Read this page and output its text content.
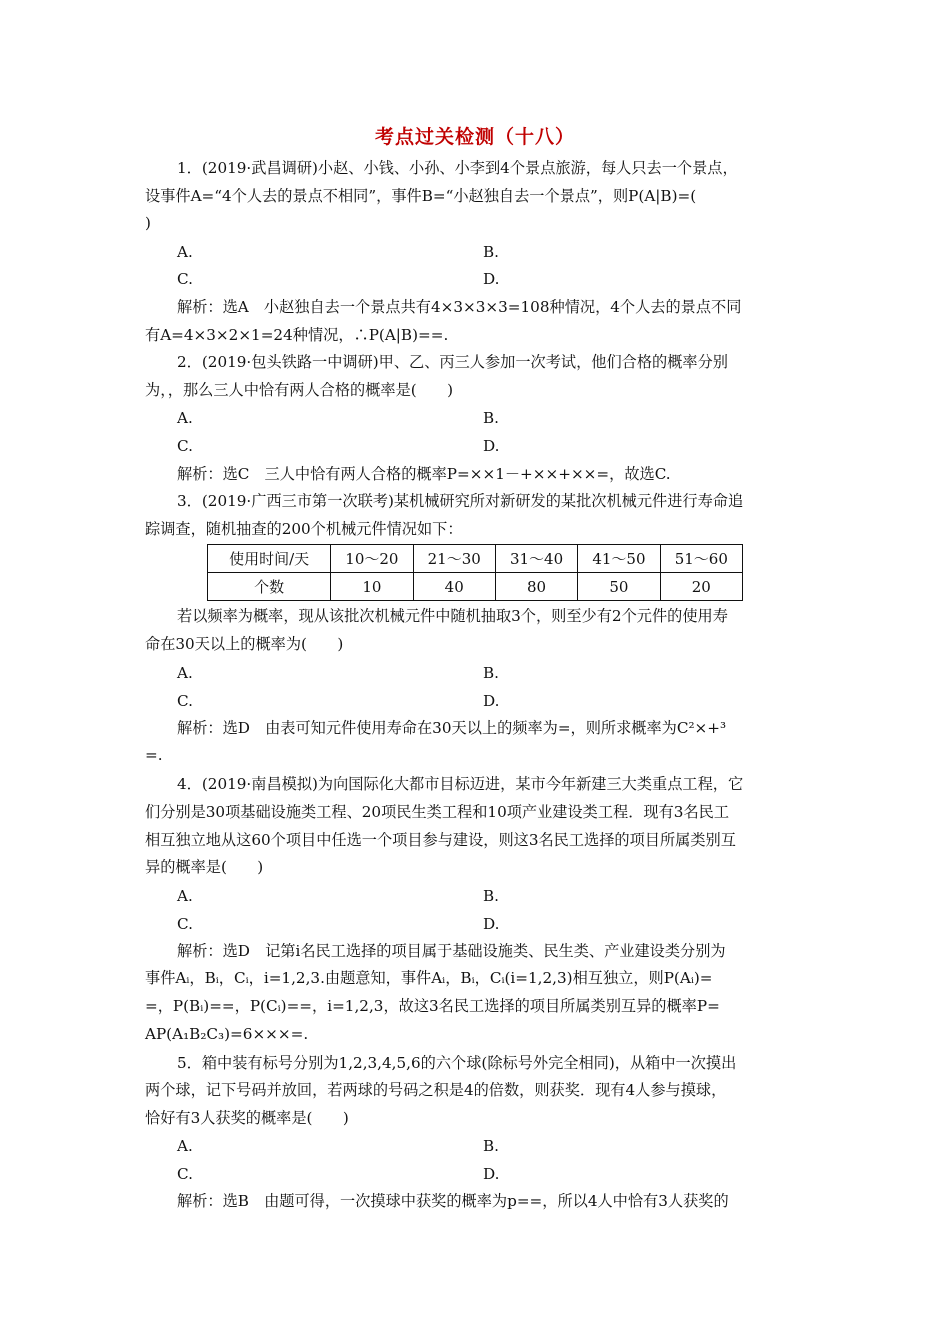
考点过关检测（十八）
1．(2019·武昌调研)小赵、小钱、小孙、小李到4个景点旅游，每人只去一个景点，
设事件A=“4个人去的景点不相同”，事件B=“小赵独自去一个景点”，则P(A|B)=(
)
A.	B.
C.	D.
解析：选A　小赵独自去一个景点共有4×3×3×3=108种情况，4个人去的景点不同
有A=4×3×2×1=24种情况，∴P(A|B)==.
2．(2019·包头铁路一中调研)甲、乙、丙三人参加一次考试，他们合格的概率分别
为，，那么三人中恰有两人合格的概率是(　　)
A.	B.
C.	D.
解析：选C　三人中恰有两人合格的概率P=××1－+××+××=，故选C.
3．(2019·广西三市第一次联考)某机械研究所对新研发的某批次机械元件进行寿命追
踪调查，随机抽查的200个机械元件情况如下：
使用时间/天	10～20	21～30	31～40	41～50	51～60
个数	10	40	80	50	20
若以频率为概率，现从该批次机械元件中随机抽取3个，则至少有2个元件的使用寿
命在30天以上的概率为(　　)
A.	B.
C.	D.
解析：选D　由表可知元件使用寿命在30天以上的频率为=，则所求概率为C²×+³
=.
4．(2019·南昌模拟)为向国际化大都市目标迈进，某市今年新建三大类重点工程，它
们分别是30项基础设施类工程、20项民生类工程和10项产业建设类工程．现有3名民工
相互独立地从这60个项目中任选一个项目参与建设，则这3名民工选择的项目所属类别互
异的概率是(　　)
A.	B.
C.	D.
解析：选D　记第i名民工选择的项目属于基础设施类、民生类、产业建设类分别为
事件Aᵢ，Bᵢ，Cᵢ，i=1,2,3.由题意知，事件Aᵢ，Bᵢ，Cᵢ(i=1,2,3)相互独立，则P(Aᵢ)=
=，P(Bᵢ)==，P(Cᵢ)==，i=1,2,3，故这3名民工选择的项目所属类别互异的概率P=
AP(A₁B₂C₃)=6×××=.
5．箱中装有标号分别为1,2,3,4,5,6的六个球(除标号外完全相同)，从箱中一次摸出
两个球，记下号码并放回，若两球的号码之积是4的倍数，则获奖．现有4人参与摸球，
恰好有3人获奖的概率是(　　)
A.	B.
C.	D.
解析：选B　由题可得，一次摸球中获奖的概率为p==，所以4人中恰有3人获奖的
